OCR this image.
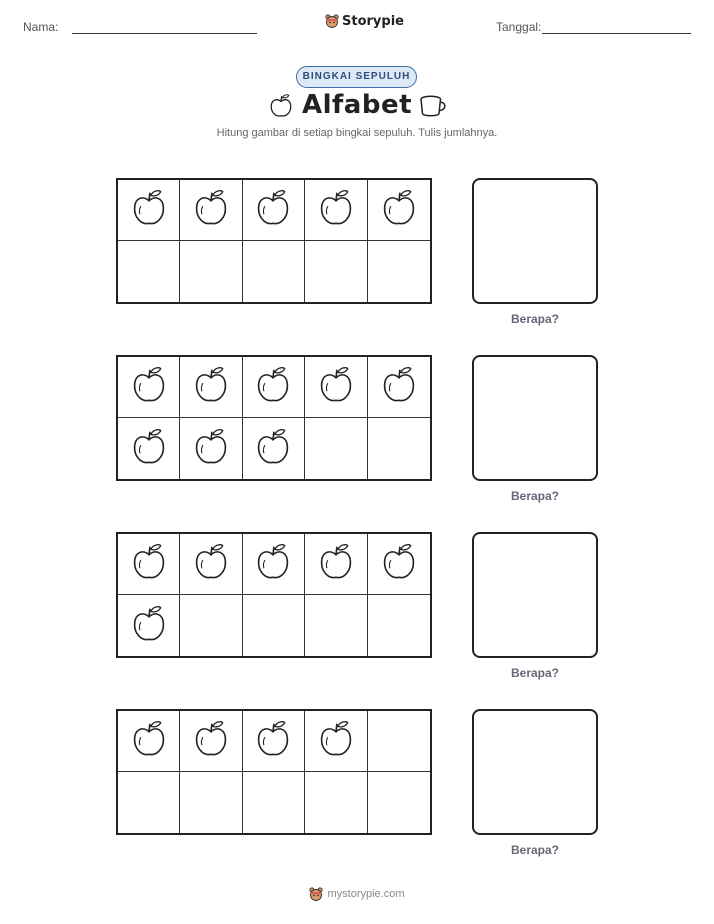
Nama:	Storypie	Tanggal:
BINGKAI SEPULUH
Alfabet
Hitung gambar di setiap bingkai sepuluh. Tulis jumlahnya.
Berapa?
Berapa?
Berapa?
Berapa?
mystorypie.com
